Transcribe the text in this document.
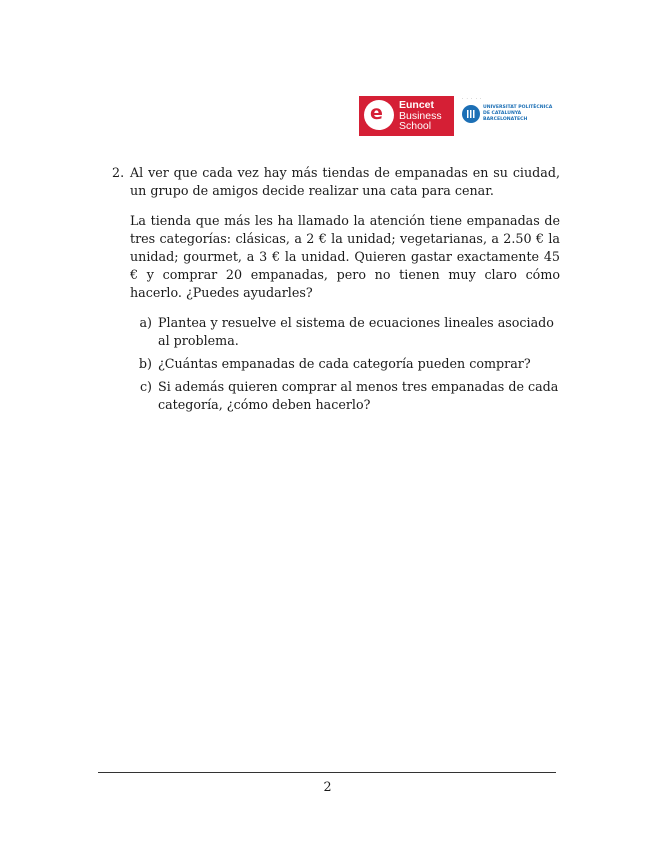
e Euncet
Business
School
· · · · ·
UNIVERSITAT POLITÈCNICA
DE CATALUNYA
BARCELONATECH
2. Al ver que cada vez hay más tiendas de empanadas en su ciudad, un grupo de amigos decide realizar una cata para cenar.

La tienda que más les ha llamado la atención tiene empanadas de tres categorías: clásicas, a 2 € la unidad; vegetarianas, a 2.50 € la unidad; gourmet, a 3 € la unidad. Quieren gastar exactamente 45 € y comprar 20 empanadas, pero no tienen muy claro cómo hacerlo. ¿Puedes ayudarles?

a) Plantea y resuelve el sistema de ecuaciones lineales asociado al problema.
b) ¿Cuántas empanadas de cada categoría pueden comprar?
c) Si además quieren comprar al menos tres empanadas de cada categoría, ¿cómo deben hacerlo?
2
